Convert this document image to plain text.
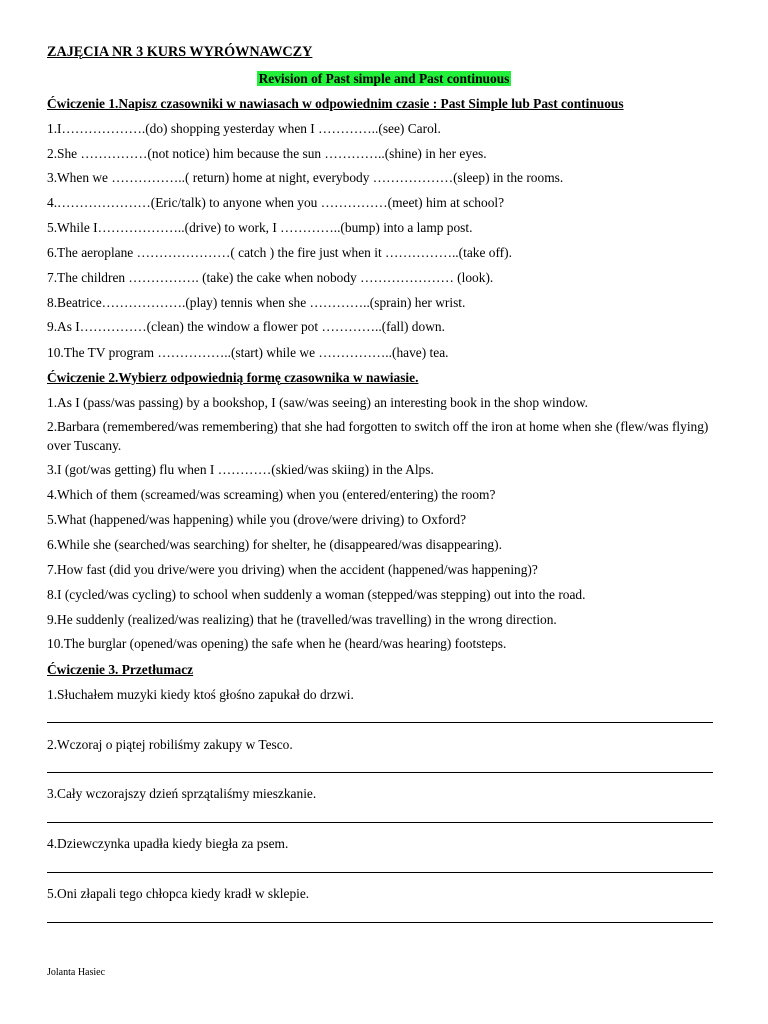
ZAJĘCIA NR 3 KURS WYRÓWNAWCZY
Revision of Past simple and Past continuous
Ćwiczenie 1.Napisz czasowniki w nawiasach w odpowiednim czasie : Past Simple lub Past continuous
1.I……………….(do) shopping yesterday when I …………..(see) Carol.
2.She ……………(not notice) him because the sun …………..(shine) in her eyes.
3.When we ……………..( return) home at night, everybody ………………(sleep) in the rooms.
4.…………………(Eric/talk) to anyone when you ……………(meet) him at school?
5.While I………………..(drive) to work, I …………..(bump) into a lamp post.
6.The aeroplane …………………( catch ) the fire just when it ……………..(take off).
7.The children ……………. (take) the cake when nobody ………………… (look).
8.Beatrice……………….(play) tennis when she …………..(sprain) her wrist.
9.As I……………(clean) the window a flower pot …………..(fall) down.
10.The TV program ……………..(start) while we ……………..(have) tea.
Ćwiczenie 2.Wybierz odpowiednią formę czasownika w nawiasie.
1.As I (pass/was passing) by a bookshop, I (saw/was seeing) an interesting book in the shop window.
2.Barbara (remembered/was remembering) that she had forgotten to switch off the iron at home when she (flew/was flying) over Tuscany.
3.I (got/was getting) flu when I …………(skied/was skiing) in the Alps.
4.Which of them (screamed/was screaming) when you (entered/entering) the room?
5.What (happened/was happening) while you (drove/were driving) to Oxford?
6.While she (searched/was searching) for shelter, he (disappeared/was disappearing).
7.How fast (did you drive/were you driving) when the accident (happened/was happening)?
8.I (cycled/was cycling) to school when suddenly a woman (stepped/was stepping) out into the road.
9.He suddenly (realized/was realizing) that he (travelled/was travelling) in the wrong direction.
10.The burglar (opened/was opening) the safe when he (heard/was hearing) footsteps.
Ćwiczenie 3. Przetłumacz
1.Słuchałem muzyki kiedy ktoś głośno zapukał do drzwi.
2.Wczoraj o piątej robiliśmy zakupy w Tesco.
3.Cały wczorajszy dzień sprzątaliśmy mieszkanie.
4.Dziewczynka upadła kiedy biegła za psem.
5.Oni złapali tego chłopca kiedy kradł w sklepie.
Jolanta Hasiec
